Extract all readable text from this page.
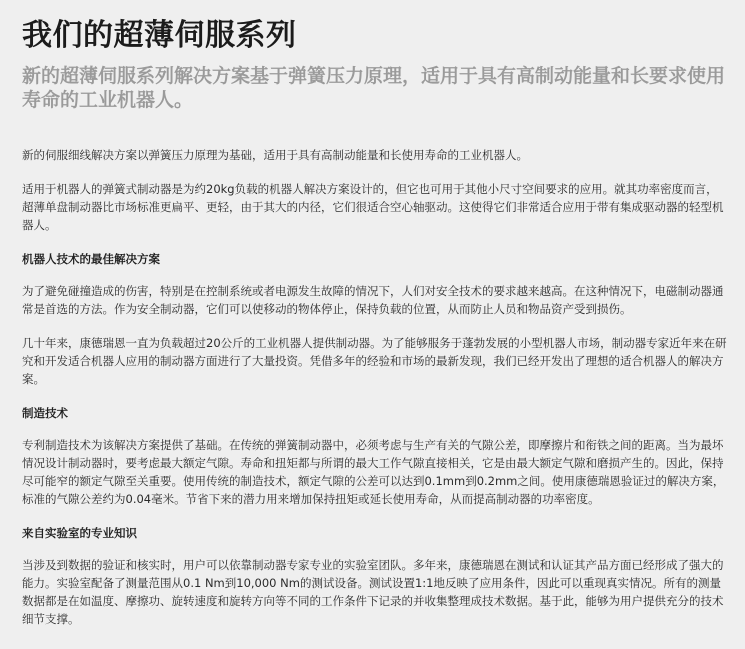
我们的超薄伺服系列
新的超薄伺服系列解决方案基于弹簧压力原理，适用于具有高制动能量和长要求使用寿命的工业机器人。

新的伺服细线解决方案以弹簧压力原理为基础，适用于具有高制动能量和长使用寿命的工业机器人。

适用于机器人的弹簧式制动器是为约20kg负载的机器人解决方案设计的，但它也可用于其他小尺寸空间要求的应用。就其功率密度而言，超薄单盘制动器比市场标准更扁平、更轻，由于其大的内径，它们很适合空心轴驱动。这使得它们非常适合应用于带有集成驱动器的轻型机器人。

机器人技术的最佳解决方案

为了避免碰撞造成的伤害，特别是在控制系统或者电源发生故障的情况下，人们对安全技术的要求越来越高。在这种情况下，电磁制动器通常是首选的方法。作为安全制动器，它们可以使移动的物体停止，保持负载的位置，从而防止人员和物品资产受到损伤。

几十年来，康德瑞恩一直为负载超过20公斤的工业机器人提供制动器。为了能够服务于蓬勃发展的小型机器人市场，制动器专家近年来在研究和开发适合机器人应用的制动器方面进行了大量投资。凭借多年的经验和市场的最新发现，我们已经开发出了理想的适合机器人的解决方案。

制造技术

专利制造技术为该解决方案提供了基础。在传统的弹簧制动器中，必须考虑与生产有关的气隙公差，即摩擦片和衔铁之间的距离。当为最坏情况设计制动器时，要考虑最大额定气隙。寿命和扭矩都与所谓的最大工作气隙直接相关，它是由最大额定气隙和磨损产生的。因此，保持尽可能窄的额定气隙至关重要。使用传统的制造技术，额定气隙的公差可以达到0.1mm到0.2mm之间。使用康德瑞恩验证过的解决方案，标准的气隙公差约为0.04毫米。节省下来的潜力用来增加保持扭矩或延长使用寿命，从而提高制动器的功率密度。

来自实验室的专业知识

当涉及到数据的验证和核实时，用户可以依靠制动器专家专业的实验室团队。多年来，康德瑞恩在测试和认证其产品方面已经形成了强大的能力。实验室配备了测量范围从0.1 Nm到10,000 Nm的测试设备。测试设置1:1地反映了应用条件，因此可以重现真实情况。所有的测量数据都是在如温度、摩擦功、旋转速度和旋转方向等不同的工作条件下记录的并收集整理成技术数据。基于此，能够为用户提供充分的技术细节支撑。
